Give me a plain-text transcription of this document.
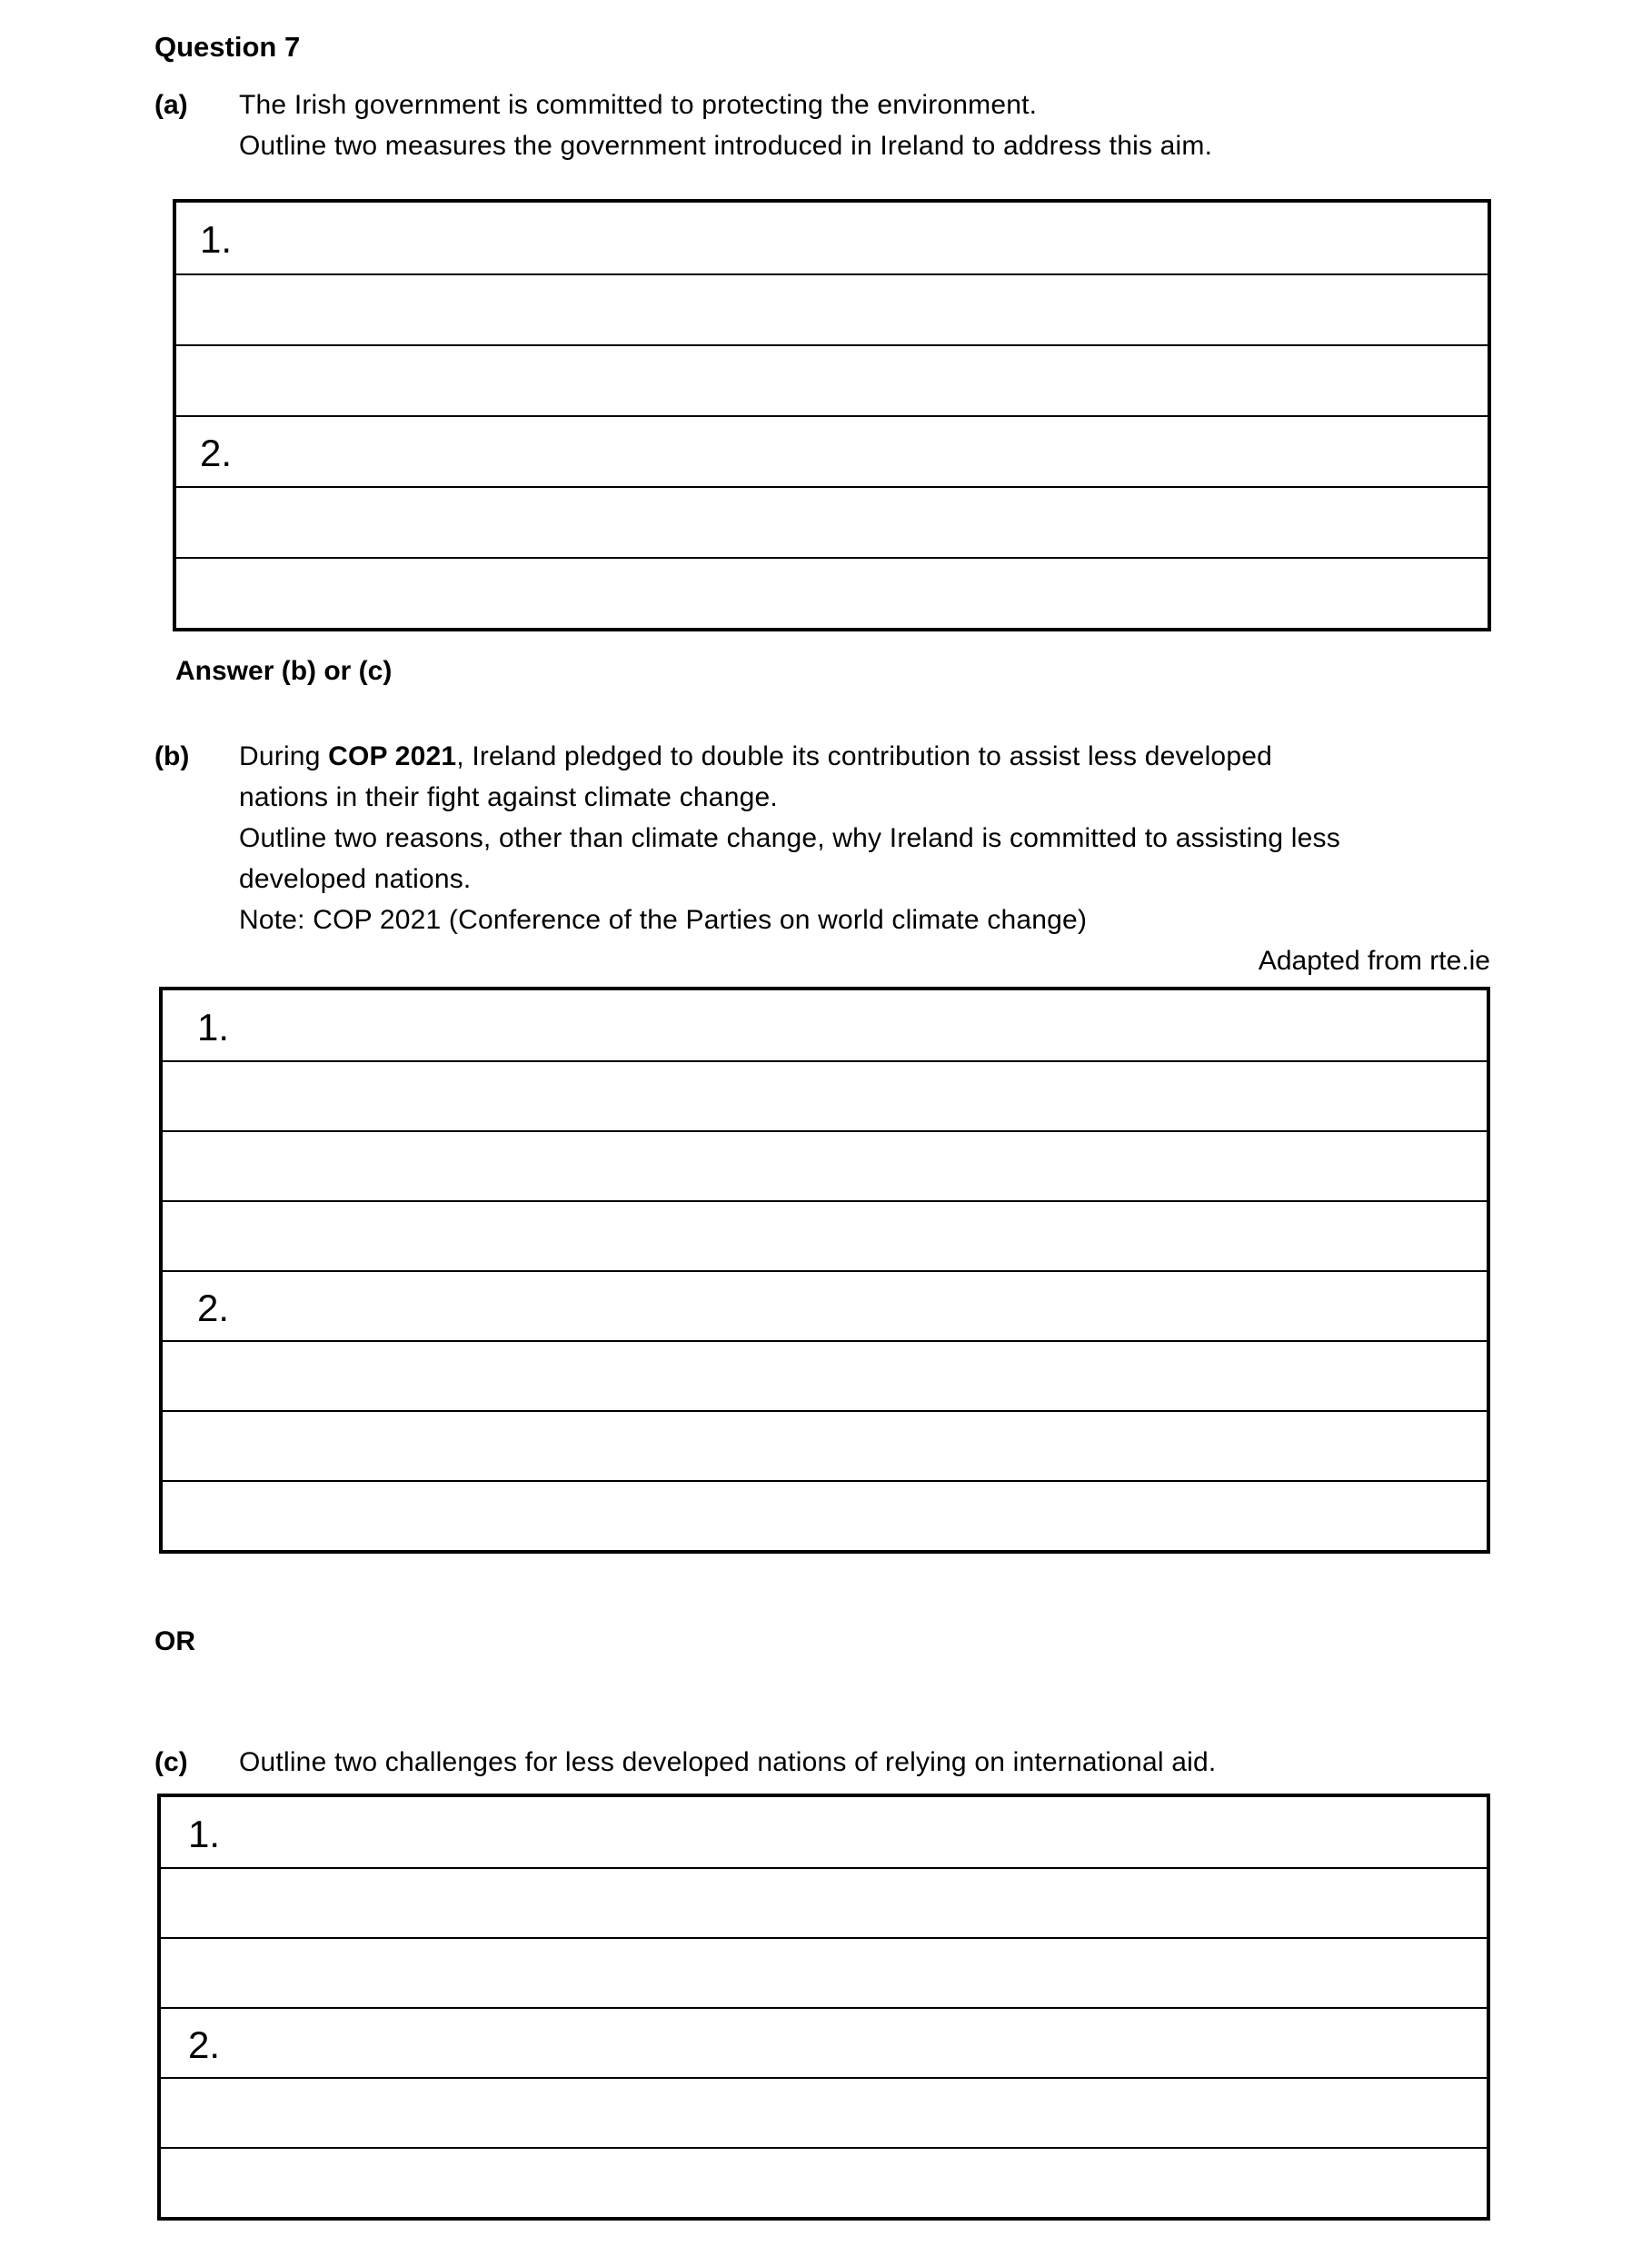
Question 7
(a) The Irish government is committed to protecting the environment.
Outline two measures the government introduced in Ireland to address this aim.
1.
2.
Answer (b) or (c)
(b) During COP 2021, Ireland pledged to double its contribution to assist less developed
nations in their fight against climate change.
Outline two reasons, other than climate change, why Ireland is committed to assisting less
developed nations.
Note: COP 2021 (Conference of the Parties on world climate change)
Adapted from rte.ie
1.
2.
OR
(c) Outline two challenges for less developed nations of relying on international aid.
1.
2.
